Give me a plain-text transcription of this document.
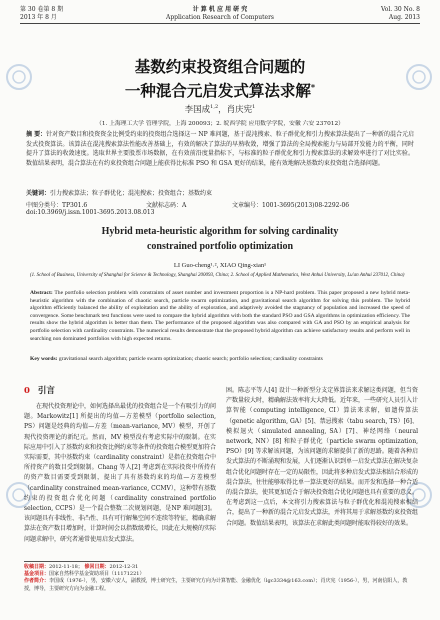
第 30 卷第 8 期
2013 年 8 月
计 算 机 应 用 研 究
Application Research of Computers
Vol. 30 No. 8
Aug. 2013
基数约束投资组合问题的
一种混合元启发式算法求解*
李国成$^{1,2}$，肖庆宪$^1$
（1. 上海理工大学 管理学院，上海 200093；2. 皖西学院 应用数学学院，安徽 六安 237012）
摘 要：针对资产数目和投资资金比例受约束的投资组合选择这一 NP 难问题，基于混沌搜索、粒子群优化和引力搜索算法提出了一种新的混合元启发式投资算法。该算法在混沌搜索算法性能改善基础上，有效的解决了算法的早熟收敛，增强了算法的全局搜索能力与局部开发能力的平衡，同时提升了算法的收敛速度。选取世界主要股票市场数据，在有效前沿度量指标下，与标准的粒子群优化和引力搜索算法的求解效率进行了对比实验。数值结果表明，混合算法在有约束投资组合问题上能获得比标准 PSO 和 GSA 更好的结果，能有效地解决基数约束投资组合选择问题。
关键词：引力搜索算法；粒子群优化；混沌搜索；投资组合；基数约束
中图分类号：TP301.6	文献标志码：A	文章编号：1001-3695(2013)08-2292-06
doi:10.3969/j.issn.1001-3695.2013.08.013
Hybrid meta-heuristic algorithm for solving cardinality
constrained portfolio optimization
LI Guo-cheng¹˒², XIAO Qing-xian¹
(1. School of Business, University of Shanghai for Science & Technology, Shanghai 200093, China; 2. School of Applied Mathematics, West Anhui University, Lu'an Anhui 237012, China)
Abstract: The portfolio selection problem with constraints of asset number and investment proportion is a NP-hard problem. This paper proposed a new hybrid meta-heuristic algorithm with the combination of chaotic search, particle swarm optimization, and gravitational search algorithm for solving this problem. The hybrid algorithm efficiently balanced the ability of exploitation and the ability of exploration, and adaptively avoided the stagnancy of population and increased the speed of convergence. Some benchmark test functions were used to compare the hybrid algorithm with both the standard PSO and GSA algorithms in optimization efficiency. The results show the hybrid algorithm is better than them. The performance of the proposed algorithm was also compared with GA and PSO by an empirical analysis for portfolio selection with cardinality constraints. The numerical results demonstrate that the proposed hybrid algorithm can achieve satisfactory results and perform well in searching non dominated portfolios with high expected returns.
Key words: gravitational search algorithm; particle swarm optimization; chaotic search; portfolio selection; cardinality constraints
0 引言
在现代投资理论中，如何选择出最优的投资组合是一个有吸引力的问题。Markowitz[1] 所提出的均值—方差模型（portfolio selection, PS）问题是经典的均值—方差（mean-variance, MV）模型，开创了现代投资理论的新纪元。然而，MV 模型没有考虑实际中的限制。在实际应用中引入了基数约束和投资比例约束等条件的投资组合模型更加符合实际需要，其中基数约束（cardinality constraint）是指在投资组合中所持资产的数目受到限制。Chang 等人[2] 考虑到在实际投资中所持有的资产数目需要受到限制，提出了具有基数约束的均值—方差模型（cardinality constrained mean-variance, CCMV），这种带有基数约束的投资组合优化问题（cardinality constrained portfolio selection, CCPS）是一个混合整数二次规划问题，是NP 难问题[3]。该问题具有非线性、非凸性、具有可行解集空间不连续等特征，精确求解算法在资产数目增加时，计算时间会以指数级增长，因此在大规模的实际问题求解中，研究者通常使用启发式算法。
困。陈志平等人[4] 设计一种新型分支定界算法来求解这类问题，但当资产数量较大时，精确解法效率将大大降低。近年来，一些研究人员引入计算智能（computing intelligence, CI）算法来求解，如遗传算法（genetic algorithm, GA）[5]、禁忌搜索（tabu search, TS）[6]、模拟退火（simulated annealing, SA）[7]、神经网络（neural network, NN）[8] 和粒子群优化（particle swarm optimization, PSO）[9] 等求解该问题，为该问题的求解提供了新的思路。随着各种启发式算法的不断涌现和发展，人们逐渐认识到单一启发式算法在解决复杂组合优化问题时存在一定的局限性，因此将多种启发式算法相结合形成的混合算法，往往能够取得比单一算法更好的结果。而开发和选择一种合适的混合算法，使其更加适合于解决投资组合优化问题也具有重要的意义。在考虑到这一点后，本文将引力搜索算法与粒子群优化和混沌搜索相结合，提出了一种新的混合元启发式算法，并将其用于求解基数约束投资组合问题。数值结果表明，该算法在求解此类问题时能取得较好的效果。
收稿日期：2012-11-18； 修回日期：2012-12-31
基金项目：国家自然科学基金资助项目（11171221）
作者简介：李国成（1976-），男，安徽六安人，副教授，博士研究生，主要研究方向为计算智能、金融优化（lgc3334@163.com）；肖庆宪（1956-），男，河南信阳人，教授，博导，主要研究方向为金融工程。
